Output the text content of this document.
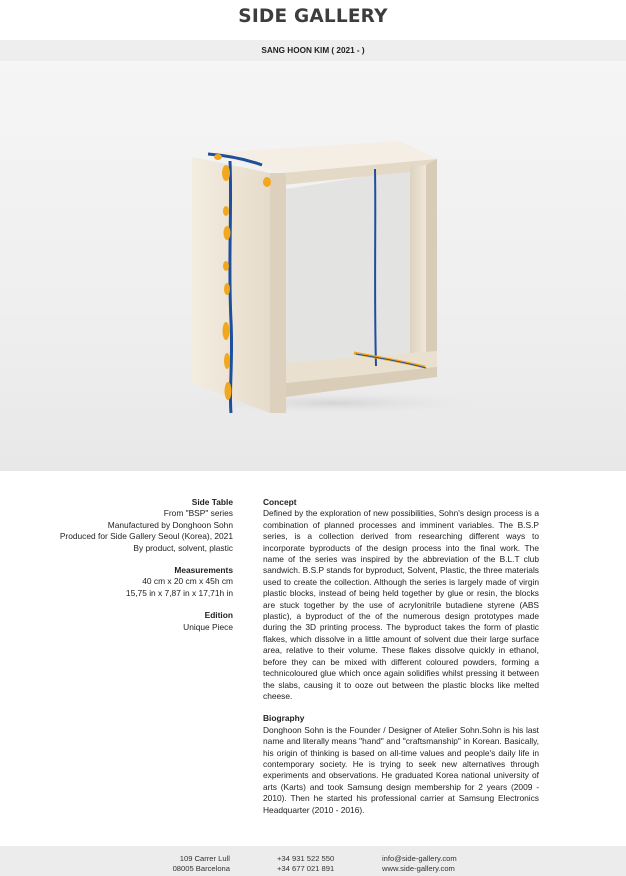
SIDE GALLERY
SANG HOON KIM ( 2021 - )
Side Table
From "BSP" series
Manufactured by Donghoon Sohn
Produced for Side Gallery Seoul (Korea), 2021
By product, solvent, plastic
Measurements
40 cm x 20 cm x 45h cm
15,75 in x 7,87 in x 17,71h in
Edition
Unique Piece
Concept

Defined by the exploration of new possibilities, Sohn's design process is a combination of planned processes and imminent variables. The B.S.P series, is a collection derived from researching different ways to incorporate byproducts of the design process into the final work. The name of the series was inspired by the abbreviation of the B.L.T club sandwich. B.S.P stands for byproduct, Solvent, Plastic, the three materials used to create the collection. Although the series is largely made of virgin plastic blocks, instead of being held together by glue or resin, the blocks are stuck together by the use of acrylonitrile butadiene styrene (ABS plastic), a byproduct of the of the numerous design prototypes made during the 3D printing process. The byproduct takes the form of plastic flakes, which dissolve in a little amount of solvent due their large surface area, relative to their volume. These flakes dissolve quickly in ethanol, before they can be mixed with different coloured powders, forming a technicoloured glue which once again solidifies whilst pressing it between the slabs, causing it to ooze out between the plastic blocks like melted cheese.

Biography

Donghoon Sohn is the Founder / Designer of Atelier Sohn.Sohn is his last name and literally means "hand" and "craftsmanship" in Korean. Basically, his origin of thinking is based on all-time values and people's daily life in contemporary society. He is trying to seek new alternatives through experiments and observations. He graduated Korea national university of arts (Karts) and took Samsung design membership for 2 years (2009 - 2010). Then he started his professional carrier at Samsung Electronics Headquarter (2010 - 2016).

109 Carrer Lull
08005 Barcelona
+34 931 522 550
+34 677 021 891
info@side-gallery.com
www.side-gallery.com
